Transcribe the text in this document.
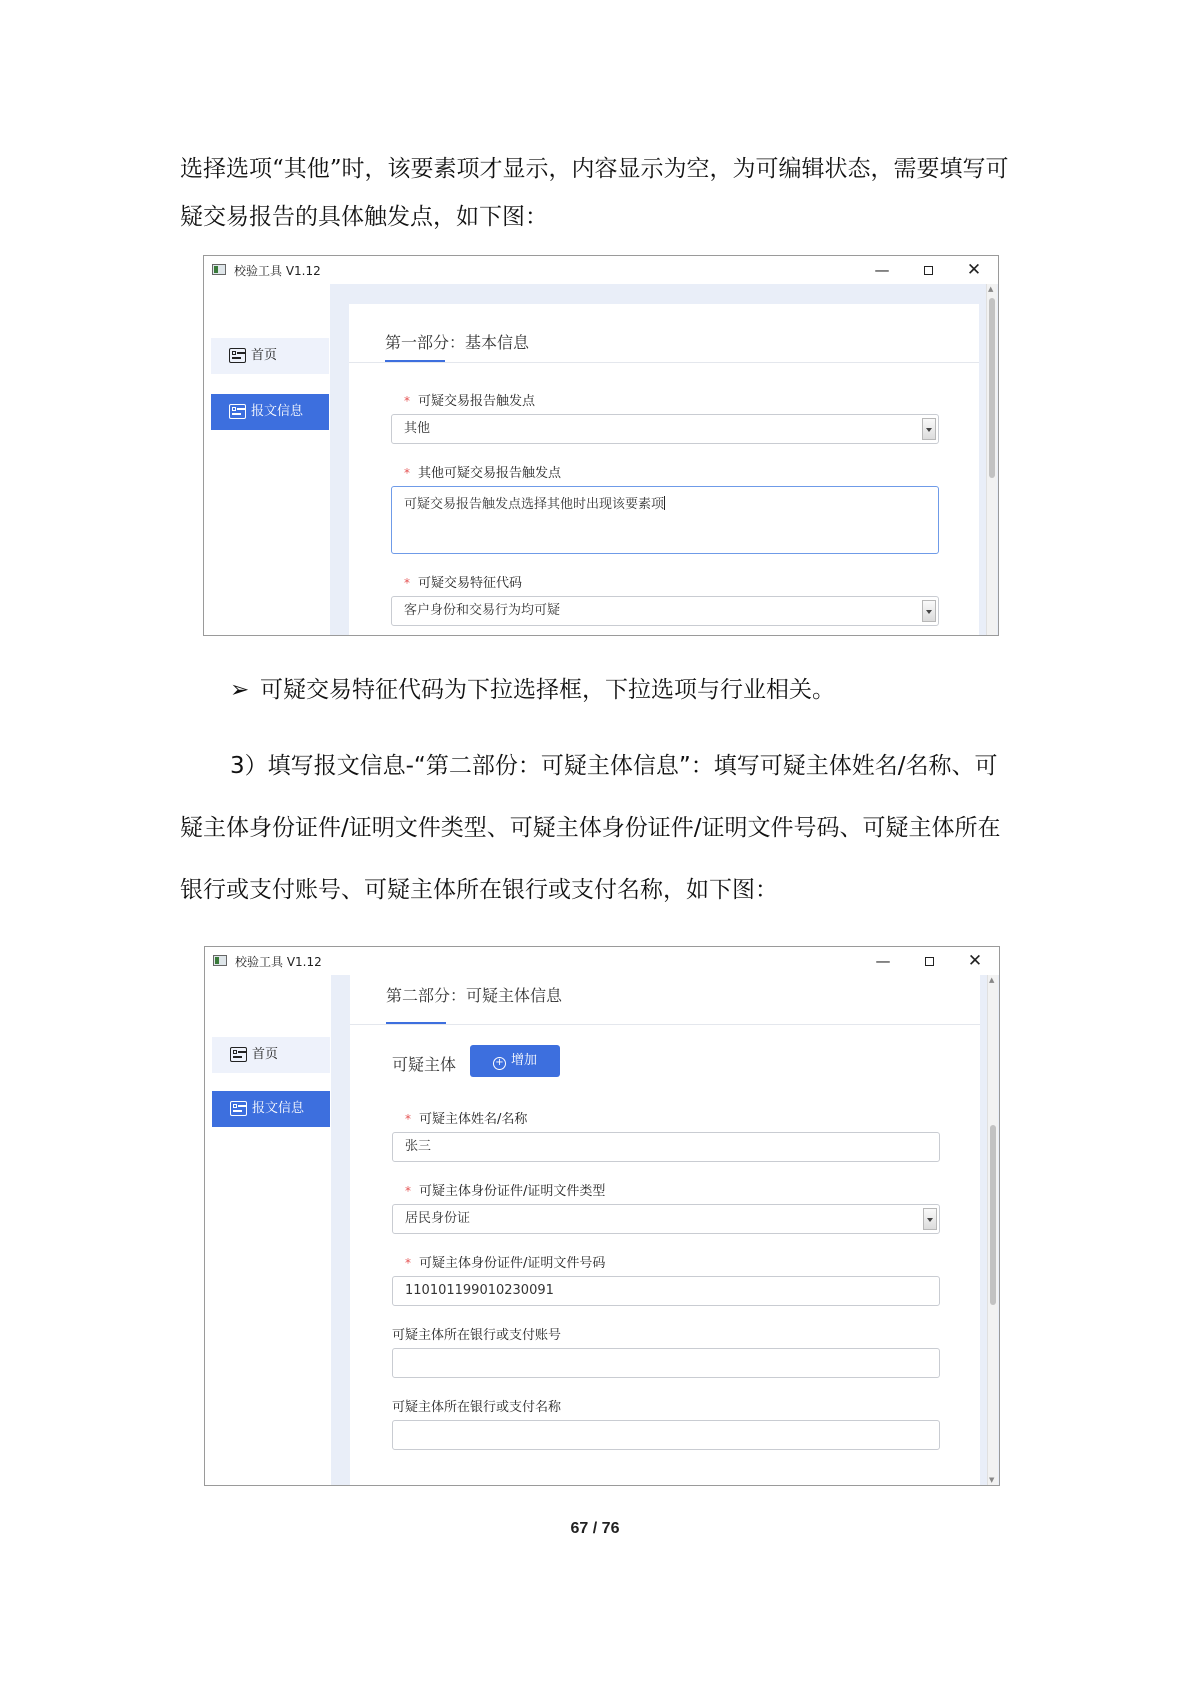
选择选项“其他”时，该要素项才显示，内容显示为空，为可编辑状态，需要填写可疑交易报告的具体触发点，如下图：

校验工具 V1.12	—	✕
首页
报文信息
第一部分：基本信息
* 可疑交易报告触发点
其他
* 其他可疑交易报告触发点
可疑交易报告触发点选择其他时出现该要素项
* 可疑交易特征代码
客户身份和交易行为均可疑
▲
➢ 可疑交易特征代码为下拉选择框，下拉选项与行业相关。

3）填写报文信息-“第二部份：可疑主体信息”：填写可疑主体姓名/名称、可疑主体身份证件/证明文件类型、可疑主体身份证件/证明文件号码、可疑主体所在银行或支付账号、可疑主体所在银行或支付名称，如下图：

校验工具 V1.12	—	✕
首页
报文信息
第二部分：可疑主体信息
可疑主体	+ 增加
* 可疑主体姓名/名称
张三
* 可疑主体身份证件/证明文件类型
居民身份证
* 可疑主体身份证件/证明文件号码
110101199010230091
可疑主体所在银行或支付账号
可疑主体所在银行或支付名称
▲
▼
67 / 76
